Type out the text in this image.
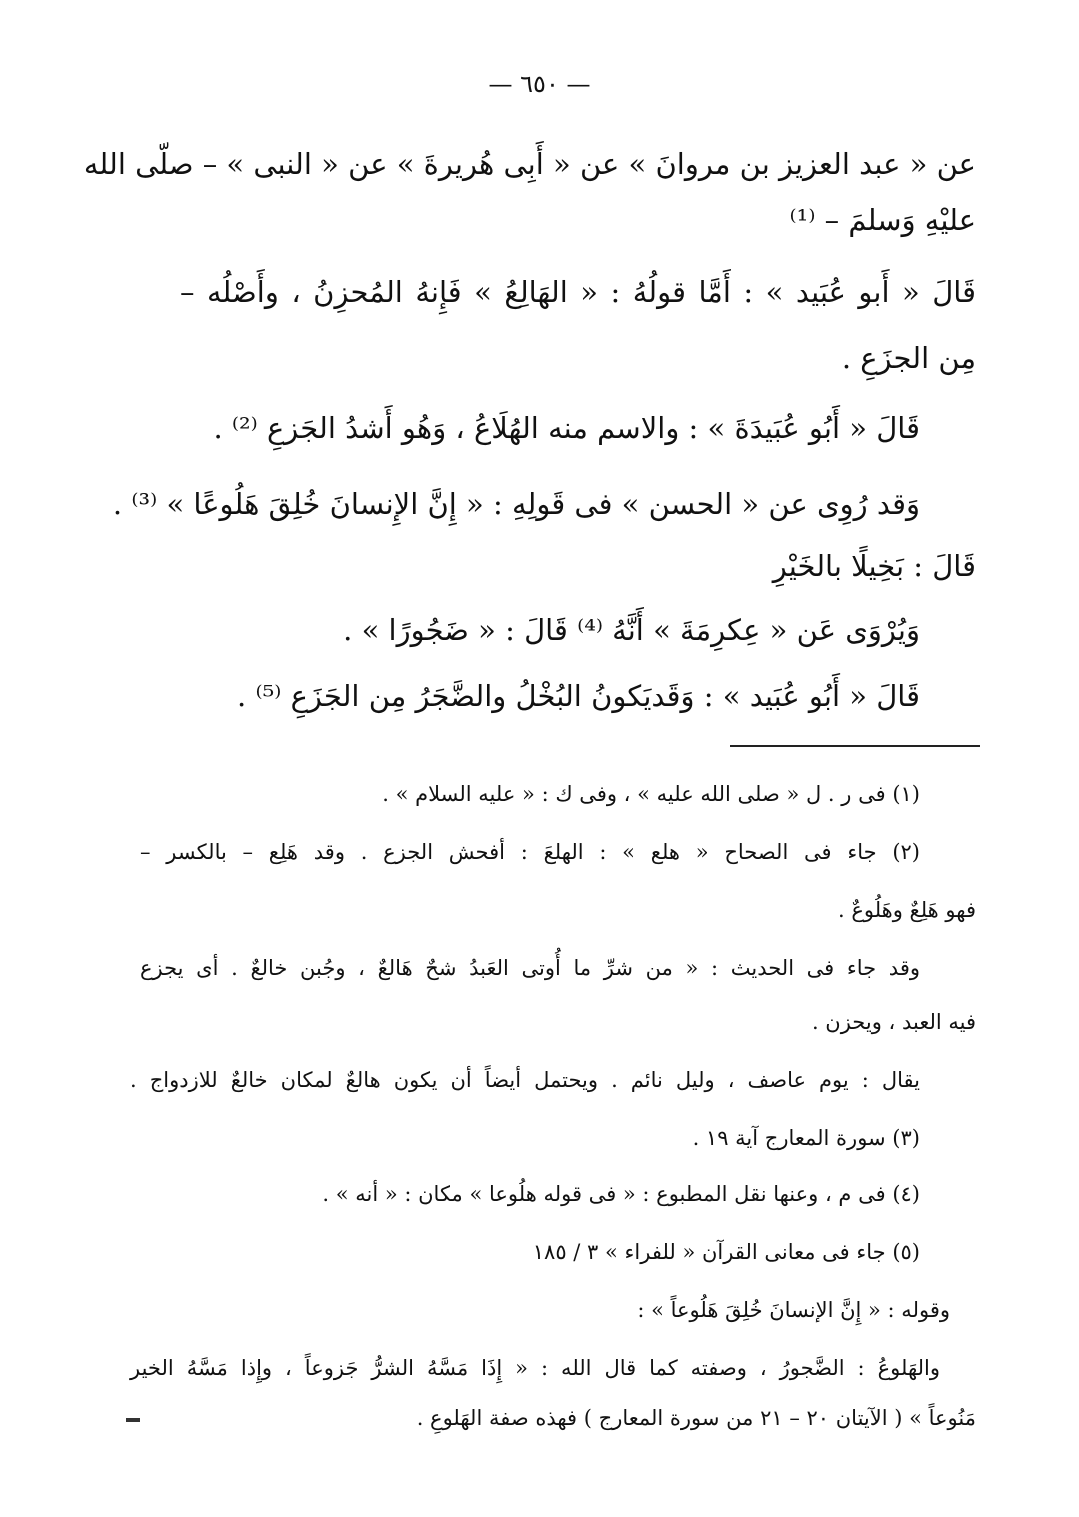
— ٦٥٠ —
عن « عبد العزيز بن مروانَ » عن « أَبِى هُريرةَ » عن « النبى » – صلّى الله
عليْهِ وَسلمَ – ⁽¹⁾
قَالَ « أَبو عُبَيد » : أَمَّا قولُهُ : « الهَالِعُ » فَإِنهُ المُحزِنُ ، وأَصْلُه –
مِن الجزَعِ .
قَالَ « أَبُو عُبَيدَةَ » : والاسم منه الهُلَاعُ ، وَهُو أَشدُ الجَزعِ ⁽²⁾ .
وَقد رُوِى عن « الحسن » فى قَولِهِ : « إِنَّ الإِنسانَ خُلِقَ هَلُوعًا » ⁽³⁾ .
قَالَ : بَخِيلًا بالخَيْرِ
وَيُرْوَى عَن « عِكرِمَةَ » أَنَّهُ ⁽⁴⁾ قَالَ : « ضَجُورًا » .
قَالَ « أَبُو عُبَيد » : وَقَديَكونُ البُخْلُ والضَّجَرُ مِن الجَزَعِ ⁽⁵⁾ .
(١) فى ر . ل « صلى الله عليه » ، وفى ك : « عليه السلام » .
(٢) جاء فى الصحاح « هلع » : الهلعَ : أفحش الجزع . وقد هَلِع – بالكسر –
فهو هَلِعٌ وهَلُوعٌ .
وقد جاء فى الحديث : « من شرِّ ما أُوتى العَبدُ شحٌ هَالعٌ ، وجُبن خالعٌ . أى يجزع
فيه العبد ، ويحزن .
يقال : يوم عاصف ، وليل نائم . ويحتمل أيضاً أن يكون هالعٌ لمكان خالعٌ للازدواج .
(٣) سورة المعارج آية ١٩ .
(٤) فى م ، وعنها نقل المطبوع : « فى قوله هلُوعا » مكان : « أنه » .
(٥) جاء فى معانى القرآن « للفراء » ٣ / ١٨٥
وقوله : « إِنَّ الإنسانَ خُلِقَ هَلُوعاً » :
والهَلوعُ : الضَّجورُ ، وصفته كما قال الله : « إِذَا مَسَّهُ الشرُّ جَزوعاً ، وإِذا مَسَّهُ الخير
مَنُوعاً » ( الآيتان ٢٠ – ٢١ من سورة المعارج ) فهذه صفة الهَلوعِ .
